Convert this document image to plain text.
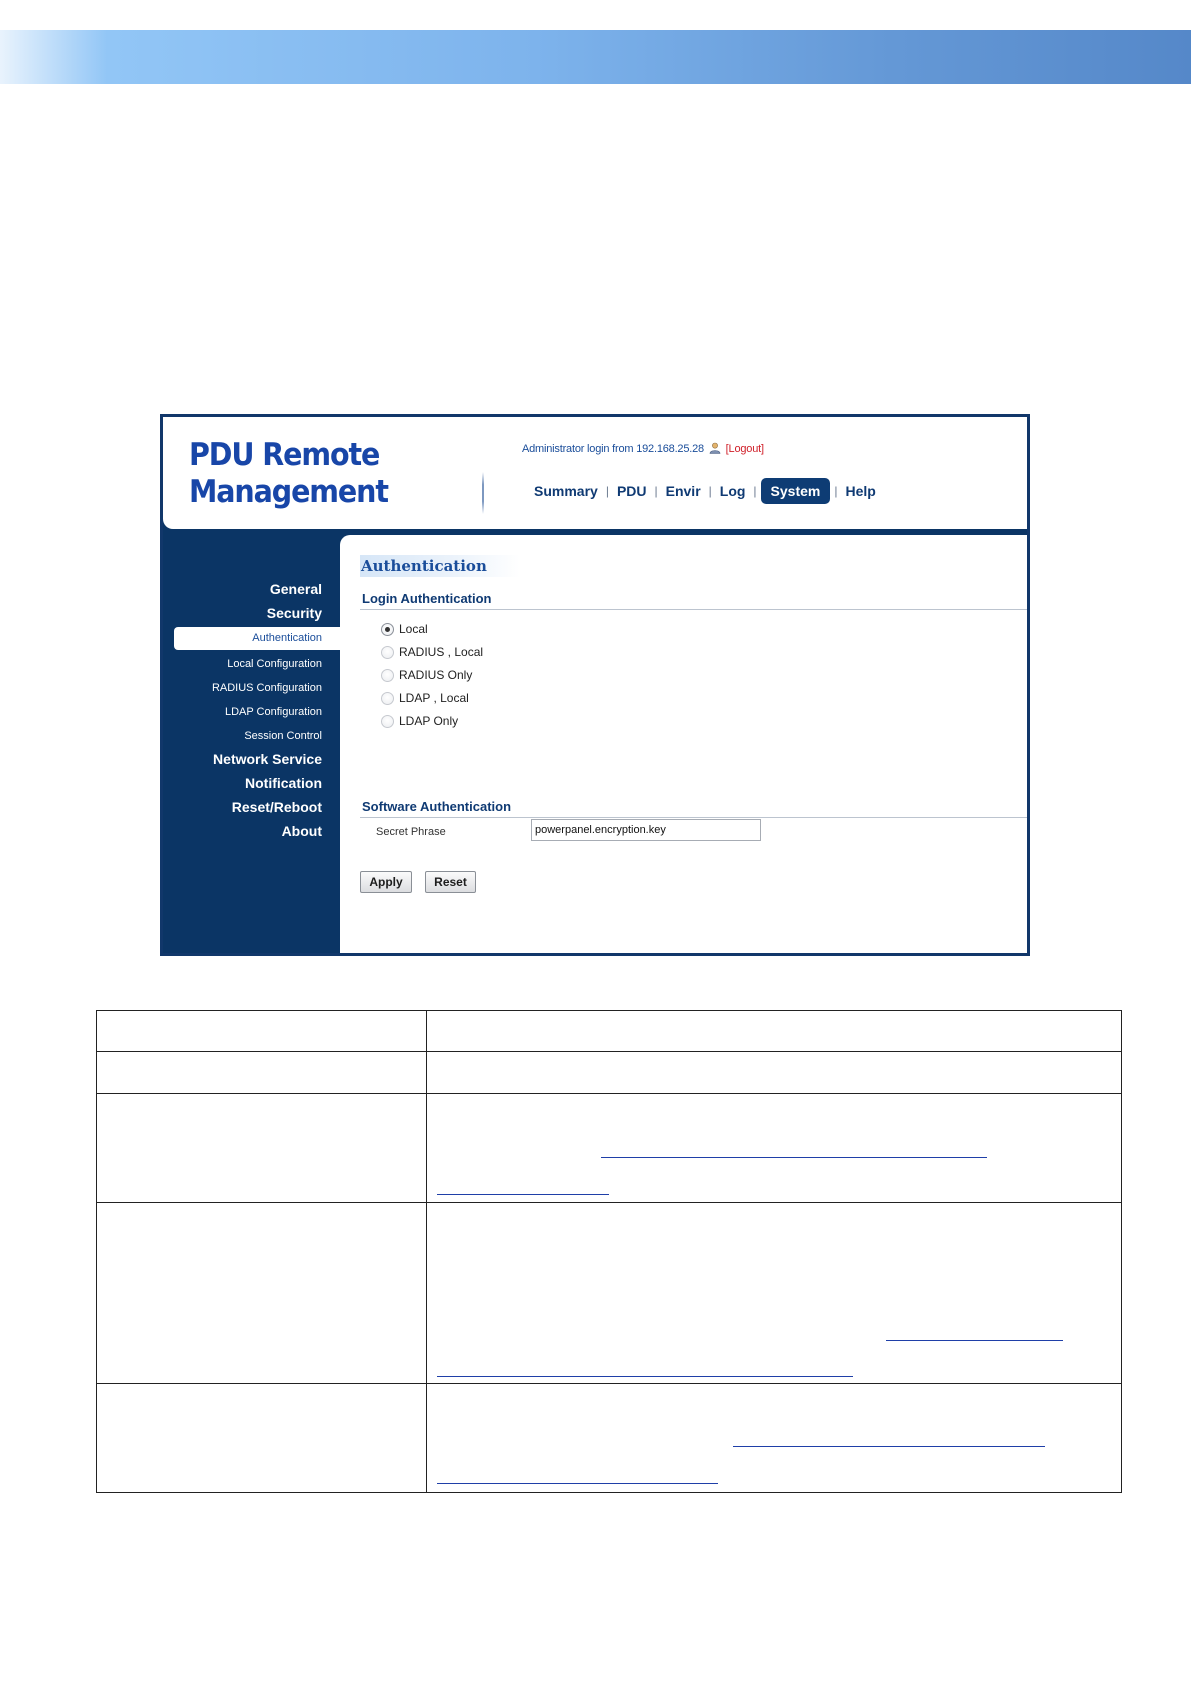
PDU Remote
Management
Administrator login from 192.168.25.28 [Logout]
Summary | PDU | Envir | Log |	System	| Help
General
Security
Authentication
Local Configuration
RADIUS Configuration
LDAP Configuration
Session Control
Network Service
Notification
Reset/Reboot
About
Authentication
Login Authentication
Local
RADIUS , Local
RADIUS Only
LDAP , Local
LDAP Only
Software Authentication
Secret Phrase
powerpanel.encryption.key
Apply	Reset
